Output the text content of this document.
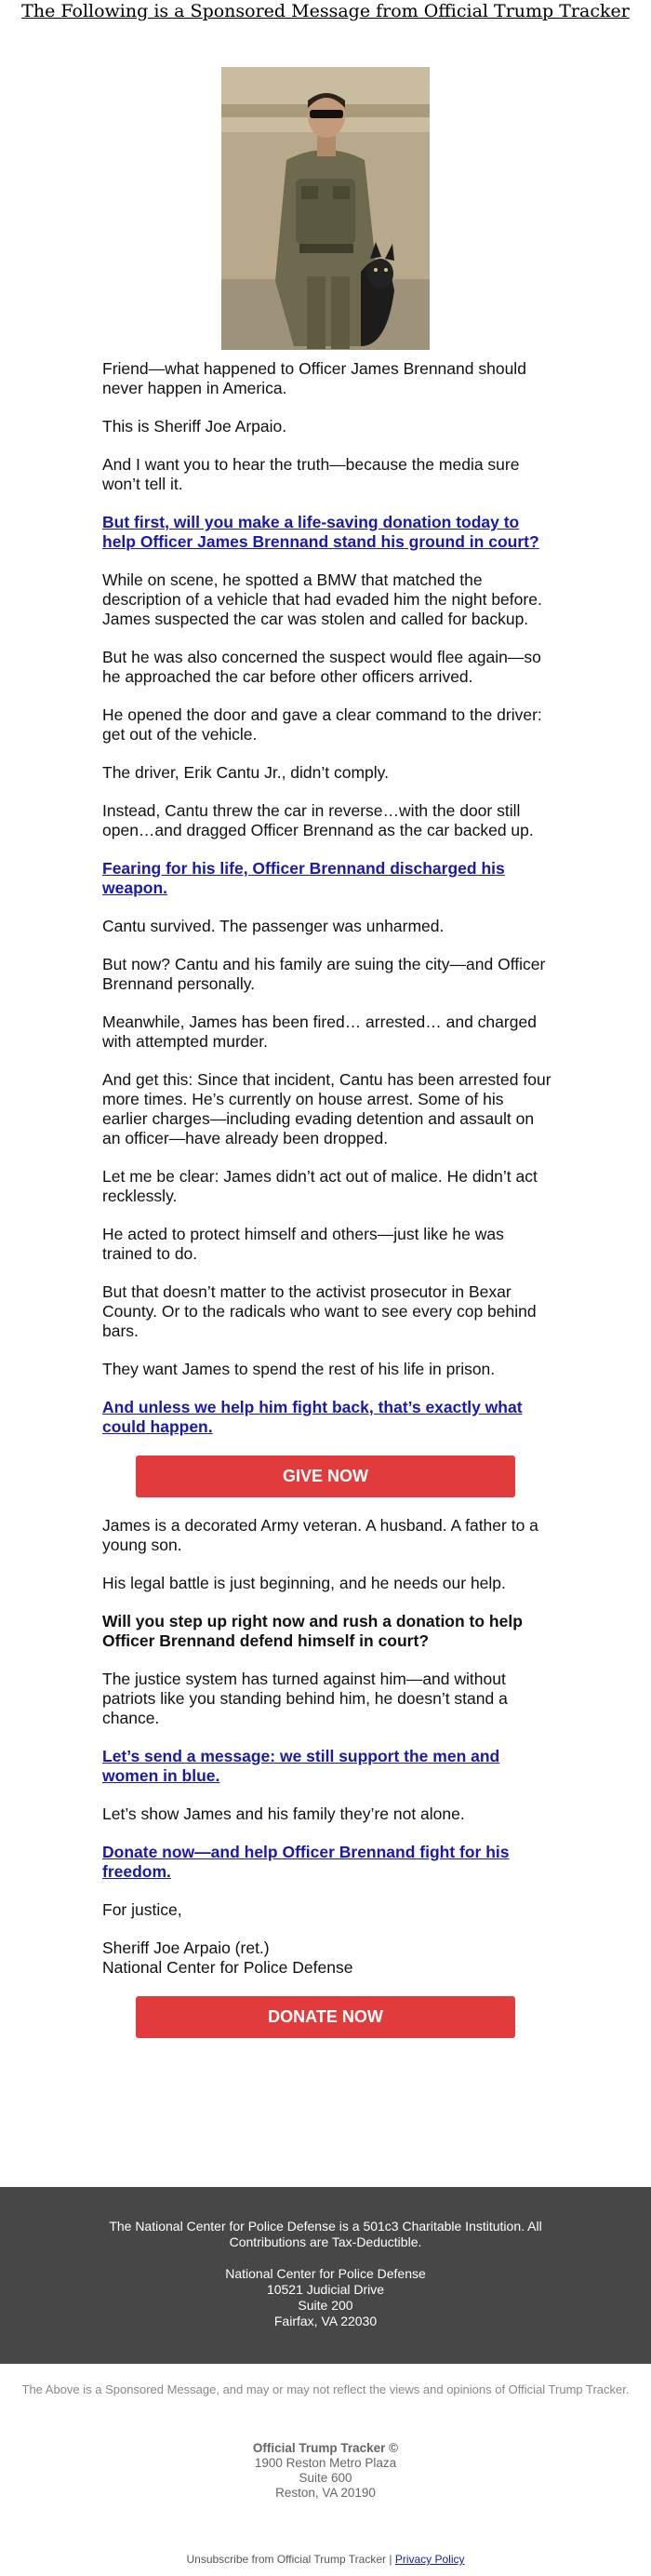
The Following is a Sponsored Message from Official Trump Tracker

Friend—what happened to Officer James Brennand should never happen in America.

This is Sheriff Joe Arpaio.

And I want you to hear the truth—because the media sure won’t tell it.

But first, will you make a life-saving donation today to help Officer James Brennand stand his ground in court?

While on scene, he spotted a BMW that matched the description of a vehicle that had evaded him the night before. James suspected the car was stolen and called for backup.

But he was also concerned the suspect would flee again—so he approached the car before other officers arrived.

He opened the door and gave a clear command to the driver: get out of the vehicle.

The driver, Erik Cantu Jr., didn’t comply.

Instead, Cantu threw the car in reverse…with the door still open…and dragged Officer Brennand as the car backed up.

Fearing for his life, Officer Brennand discharged his weapon.

Cantu survived. The passenger was unharmed.

But now? Cantu and his family are suing the city—and Officer Brennand personally.

Meanwhile, James has been fired… arrested… and charged with attempted murder.

And get this: Since that incident, Cantu has been arrested four more times. He’s currently on house arrest. Some of his earlier charges—including evading detention and assault on an officer—have already been dropped.

Let me be clear: James didn’t act out of malice. He didn’t act recklessly.

He acted to protect himself and others—just like he was trained to do.

But that doesn’t matter to the activist prosecutor in Bexar County. Or to the radicals who want to see every cop behind bars.

They want James to spend the rest of his life in prison.

And unless we help him fight back, that’s exactly what could happen.

GIVE NOW

James is a decorated Army veteran. A husband. A father to a young son.

His legal battle is just beginning, and he needs our help.

Will you step up right now and rush a donation to help Officer Brennand defend himself in court?

The justice system has turned against him—and without patriots like you standing behind him, he doesn’t stand a chance.

Let’s send a message: we still support the men and women in blue.

Let’s show James and his family they’re not alone.

Donate now—and help Officer Brennand fight for his freedom.

For justice,

Sheriff Joe Arpaio (ret.)
National Center for Police Defense

DONATE NOW

The National Center for Police Defense is a 501c3 Charitable Institution. All Contributions are Tax-Deductible.

National Center for Police Defense
10521 Judicial Drive
Suite 200
Fairfax, VA 22030

The Above is a Sponsored Message, and may or may not reflect the views and opinions of Official Trump Tracker.
Official Trump Tracker ©
1900 Reston Metro Plaza
Suite 600
Reston, VA 20190
Unsubscribe from Official Trump Tracker | Privacy Policy
